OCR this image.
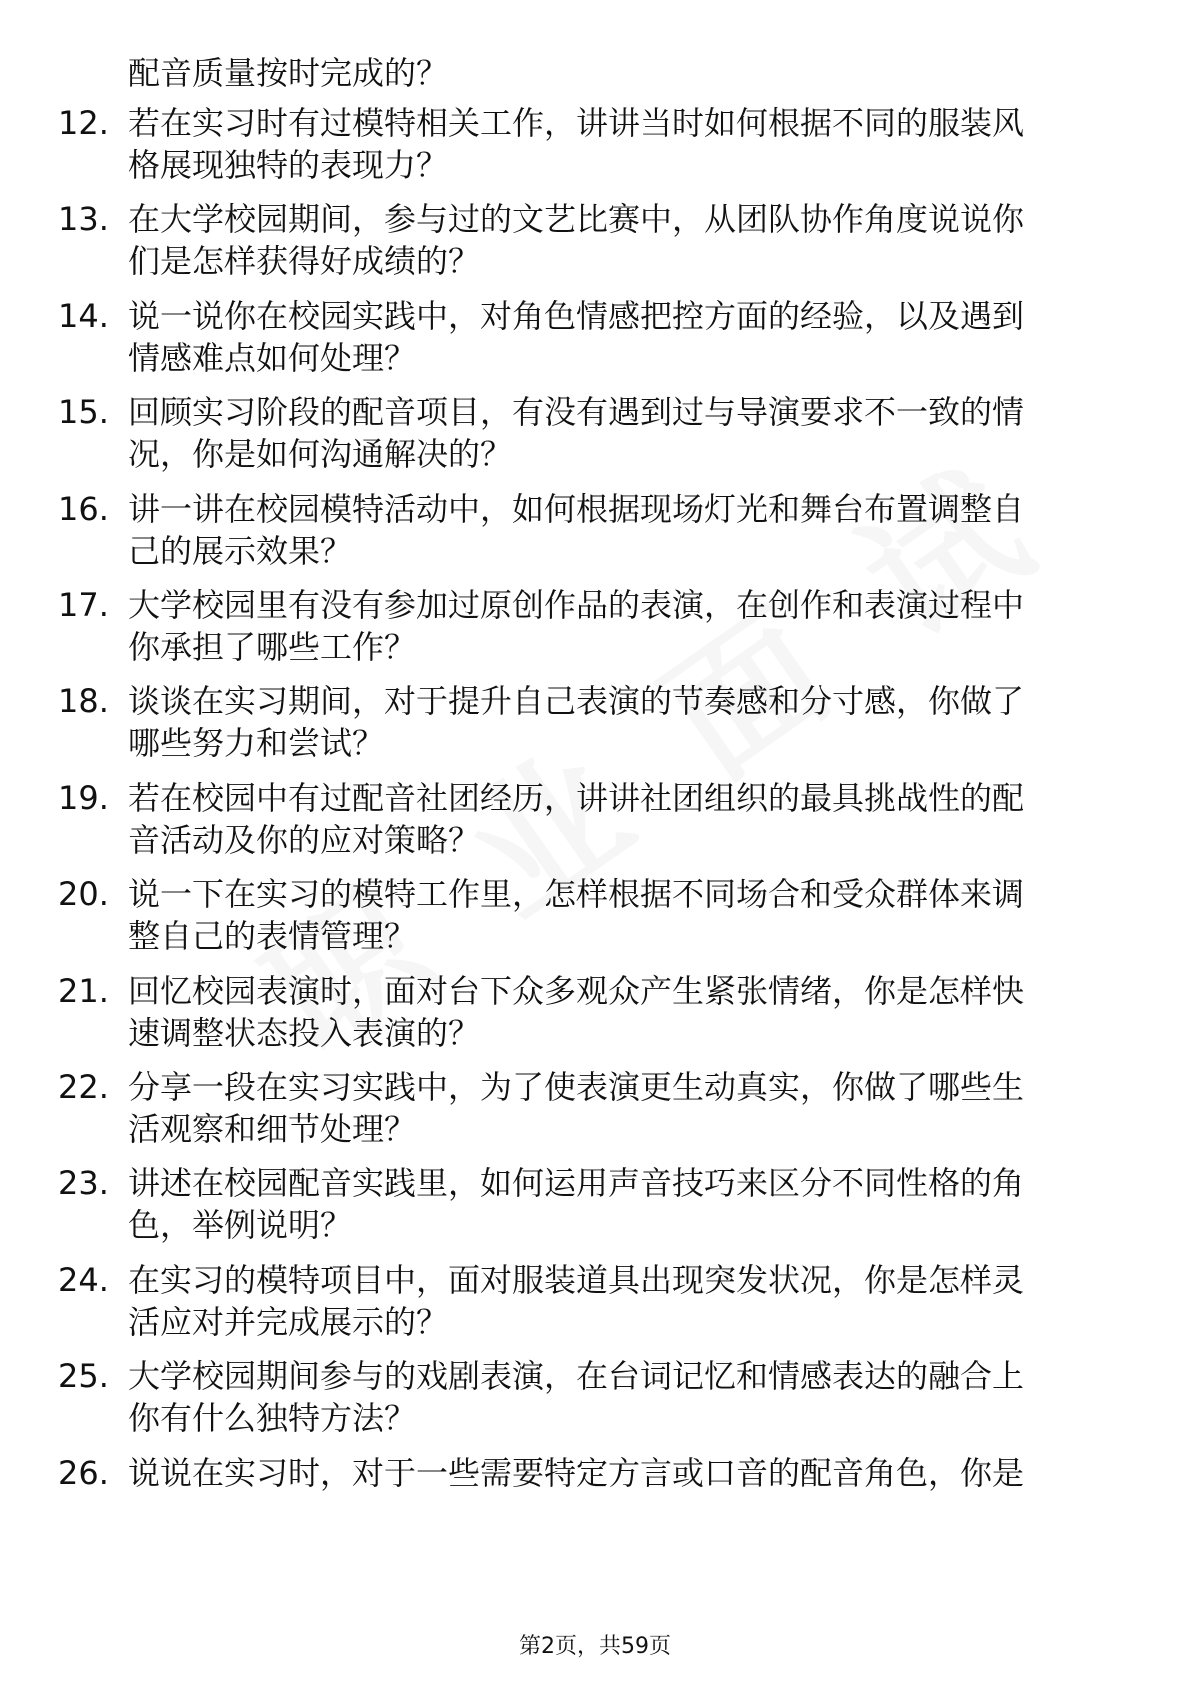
配音质量按时完成的？
12. 若在实习时有过模特相关工作，讲讲当时如何根据不同的服装风
格展现独特的表现力？
13. 在大学校园期间，参与过的文艺比赛中，从团队协作角度说说你
们是怎样获得好成绩的？
14. 说一说你在校园实践中，对角色情感把控方面的经验，以及遇到
情感难点如何处理？
15. 回顾实习阶段的配音项目，有没有遇到过与导演要求不一致的情
况，你是如何沟通解决的？
16. 讲一讲在校园模特活动中，如何根据现场灯光和舞台布置调整自
己的展示效果？
17. 大学校园里有没有参加过原创作品的表演，在创作和表演过程中
你承担了哪些工作？
18. 谈谈在实习期间，对于提升自己表演的节奏感和分寸感，你做了
哪些努力和尝试？
19. 若在校园中有过配音社团经历，讲讲社团组织的最具挑战性的配
音活动及你的应对策略？
20. 说一下在实习的模特工作里，怎样根据不同场合和受众群体来调
整自己的表情管理？
21. 回忆校园表演时，面对台下众多观众产生紧张情绪，你是怎样快
速调整状态投入表演的？
22. 分享一段在实习实践中，为了使表演更生动真实，你做了哪些生
活观察和细节处理？
23. 讲述在校园配音实践里，如何运用声音技巧来区分不同性格的角
色，举例说明？
24. 在实习的模特项目中，面对服装道具出现突发状况，你是怎样灵
活应对并完成展示的？
25. 大学校园期间参与的戏剧表演，在台词记忆和情感表达的融合上
你有什么独特方法？
26. 说说在实习时，对于一些需要特定方言或口音的配音角色，你是
第2页，共59页
